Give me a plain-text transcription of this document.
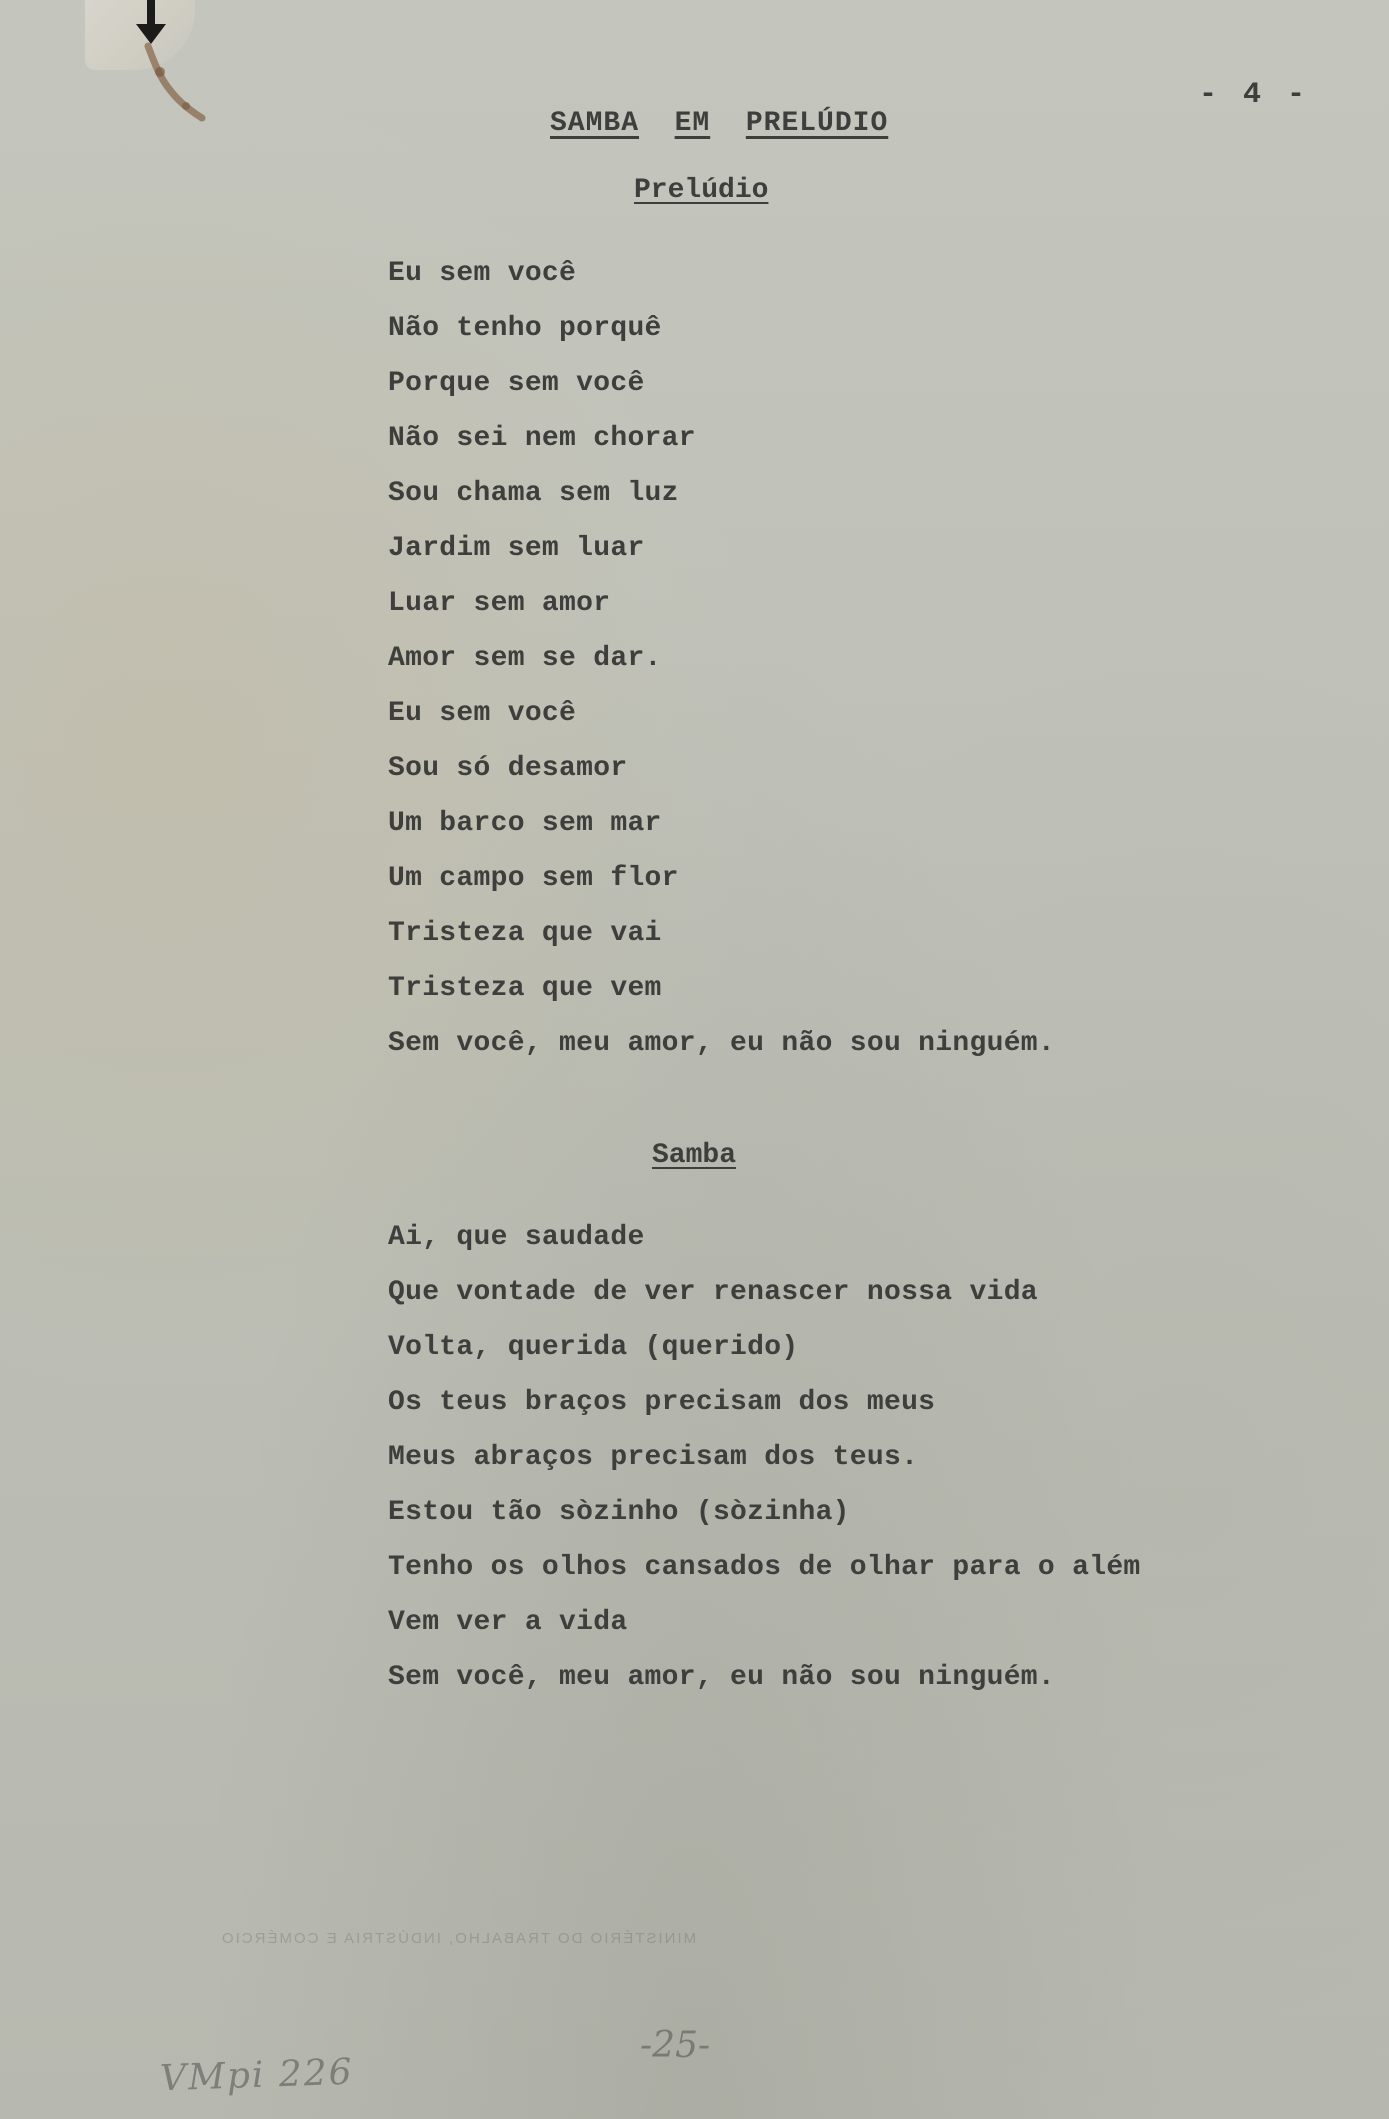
- 4 -
SAMBA EM PRELÚDIO
Prelúdio
Eu sem você
Não tenho porquê
Porque sem você
Não sei nem chorar
Sou chama sem luz
Jardim sem luar
Luar sem amor
Amor sem se dar.
Eu sem você
Sou só desamor
Um barco sem mar
Um campo sem flor
Tristeza que vai
Tristeza que vem
Sem você, meu amor, eu não sou ninguém.
Samba
Ai, que saudade
Que vontade de ver renascer nossa vida
Volta, querida (querido)
Os teus braços precisam dos meus
Meus abraços precisam dos teus.
Estou tão sòzinho (sòzinha)
Tenho os olhos cansados de olhar para o além
Vem ver a vida
Sem você, meu amor, eu não sou ninguém.
MINISTÉRIO DO TRABALHO, INDÚSTRIA E COMÉRCIO
VMpi 226
-25-
